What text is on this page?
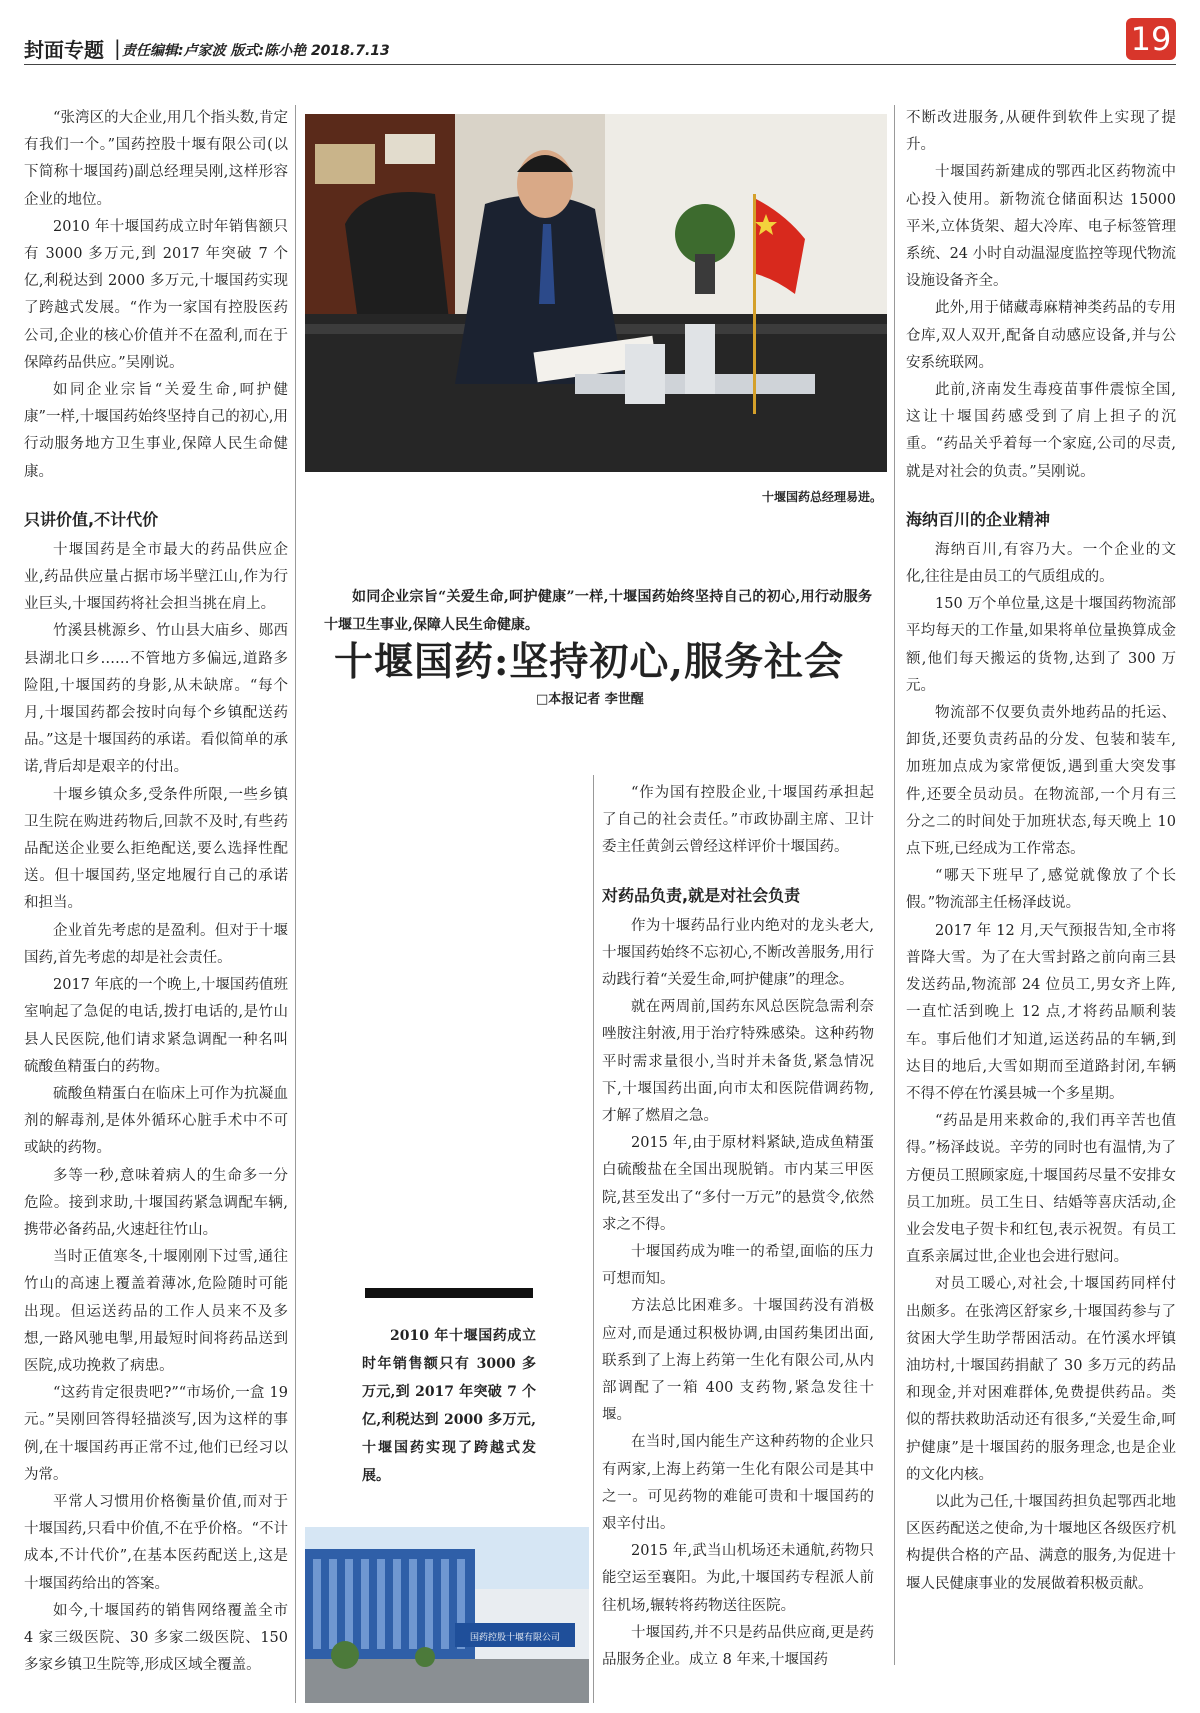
封面专题 | 责任编辑:卢家波 版式:陈小艳 2018.7.13	19

“张湾区的大企业,用几个指头数,肯定有我们一个。”国药控股十堰有限公司(以下简称十堰国药)副总经理吴刚,这样形容企业的地位。

2010 年十堰国药成立时年销售额只有 3000 多万元,到 2017 年突破 7 个亿,利税达到 2000 多万元,十堰国药实现了跨越式发展。“作为一家国有控股医药公司,企业的核心价值并不在盈利,而在于保障药品供应。”吴刚说。

如同企业宗旨“关爱生命,呵护健康”一样,十堰国药始终坚持自己的初心,用行动服务地方卫生事业,保障人民生命健康。

只讲价值,不计代价

十堰国药是全市最大的药品供应企业,药品供应量占据市场半壁江山,作为行业巨头,十堰国药将社会担当挑在肩上。

竹溪县桃源乡、竹山县大庙乡、郧西县湖北口乡……不管地方多偏远,道路多险阻,十堰国药的身影,从未缺席。“每个月,十堰国药都会按时向每个乡镇配送药品。”这是十堰国药的承诺。看似简单的承诺,背后却是艰辛的付出。

十堰乡镇众多,受条件所限,一些乡镇卫生院在购进药物后,回款不及时,有些药品配送企业要么拒绝配送,要么选择性配送。但十堰国药,坚定地履行自己的承诺和担当。

企业首先考虑的是盈利。但对于十堰国药,首先考虑的却是社会责任。

2017 年底的一个晚上,十堰国药值班室响起了急促的电话,拨打电话的,是竹山县人民医院,他们请求紧急调配一种名叫硫酸鱼精蛋白的药物。

硫酸鱼精蛋白在临床上可作为抗凝血剂的解毒剂,是体外循环心脏手术中不可或缺的药物。

多等一秒,意味着病人的生命多一分危险。接到求助,十堰国药紧急调配车辆,携带必备药品,火速赶往竹山。

当时正值寒冬,十堰刚刚下过雪,通往竹山的高速上覆盖着薄冰,危险随时可能出现。但运送药品的工作人员来不及多想,一路风驰电掣,用最短时间将药品送到医院,成功挽救了病患。

“这药肯定很贵吧?”“市场价,一盒 19 元。”吴刚回答得轻描淡写,因为这样的事例,在十堰国药再正常不过,他们已经习以为常。

平常人习惯用价格衡量价值,而对于十堰国药,只看中价值,不在乎价格。“不计成本,不计代价”,在基本医药配送上,这是十堰国药给出的答案。

如今,十堰国药的销售网络覆盖全市 4 家三级医院、30 多家二级医院、150 多家乡镇卫生院等,形成区域全覆盖。

十堰国药总经理易进。
如同企业宗旨“关爱生命,呵护健康”一样,十堰国药始终坚持自己的初心,用行动服务十堰卫生事业,保障人民生命健康。
十堰国药:坚持初心,服务社会
□本报记者 李世醒

“作为国有控股企业,十堰国药承担起了自己的社会责任。”市政协副主席、卫计委主任黄剑云曾经这样评价十堰国药。

对药品负责,就是对社会负责

作为十堰药品行业内绝对的龙头老大,十堰国药始终不忘初心,不断改善服务,用行动践行着“关爱生命,呵护健康”的理念。

就在两周前,国药东风总医院急需利奈唑胺注射液,用于治疗特殊感染。这种药物平时需求量很小,当时并未备货,紧急情况下,十堰国药出面,向市太和医院借调药物,才解了燃眉之急。

2015 年,由于原材料紧缺,造成鱼精蛋白硫酸盐在全国出现脱销。市内某三甲医院,甚至发出了“多付一万元”的悬赏令,依然求之不得。

十堰国药成为唯一的希望,面临的压力可想而知。

方法总比困难多。十堰国药没有消极应对,而是通过积极协调,由国药集团出面,联系到了上海上药第一生化有限公司,从内部调配了一箱 400 支药物,紧急发往十堰。

在当时,国内能生产这种药物的企业只有两家,上海上药第一生化有限公司是其中之一。可见药物的难能可贵和十堰国药的艰辛付出。

2015 年,武当山机场还未通航,药物只能空运至襄阳。为此,十堰国药专程派人前往机场,辗转将药物送往医院。

十堰国药,并不只是药品供应商,更是药品服务企业。成立 8 年来,十堰国药

2010 年十堰国药成立时年销售额只有 3000 多万元,到 2017 年突破 7 个亿,利税达到 2000 多万元,十堰国药实现了跨越式发展。
国药控股十堰有限公司

不断改进服务,从硬件到软件上实现了提升。

十堰国药新建成的鄂西北区药物流中心投入使用。新物流仓储面积达 15000 平米,立体货架、超大冷库、电子标签管理系统、24 小时自动温湿度监控等现代物流设施设备齐全。

此外,用于储藏毒麻精神类药品的专用仓库,双人双开,配备自动感应设备,并与公安系统联网。

此前,济南发生毒疫苗事件震惊全国,这让十堰国药感受到了肩上担子的沉重。“药品关乎着每一个家庭,公司的尽责,就是对社会的负责。”吴刚说。

海纳百川的企业精神

海纳百川,有容乃大。一个企业的文化,往往是由员工的气质组成的。

150 万个单位量,这是十堰国药物流部平均每天的工作量,如果将单位量换算成金额,他们每天搬运的货物,达到了 300 万元。

物流部不仅要负责外地药品的托运、卸货,还要负责药品的分发、包装和装车,加班加点成为家常便饭,遇到重大突发事件,还要全员动员。在物流部,一个月有三分之二的时间处于加班状态,每天晚上 10 点下班,已经成为工作常态。

“哪天下班早了,感觉就像放了个长假。”物流部主任杨泽歧说。

2017 年 12 月,天气预报告知,全市将普降大雪。为了在大雪封路之前向南三县发送药品,物流部 24 位员工,男女齐上阵,一直忙活到晚上 12 点,才将药品顺利装车。事后他们才知道,运送药品的车辆,到达目的地后,大雪如期而至道路封闭,车辆不得不停在竹溪县城一个多星期。

“药品是用来救命的,我们再辛苦也值得。”杨泽歧说。辛劳的同时也有温情,为了方便员工照顾家庭,十堰国药尽量不安排女员工加班。员工生日、结婚等喜庆活动,企业会发电子贺卡和红包,表示祝贺。有员工直系亲属过世,企业也会进行慰问。

对员工暖心,对社会,十堰国药同样付出颇多。在张湾区舒家乡,十堰国药参与了贫困大学生助学帮困活动。在竹溪水坪镇油坊村,十堰国药捐献了 30 多万元的药品和现金,并对困难群体,免费提供药品。类似的帮扶救助活动还有很多,“关爱生命,呵护健康”是十堰国药的服务理念,也是企业的文化内核。

以此为己任,十堰国药担负起鄂西北地区医药配送之使命,为十堰地区各级医疗机构提供合格的产品、满意的服务,为促进十堰人民健康事业的发展做着积极贡献。
